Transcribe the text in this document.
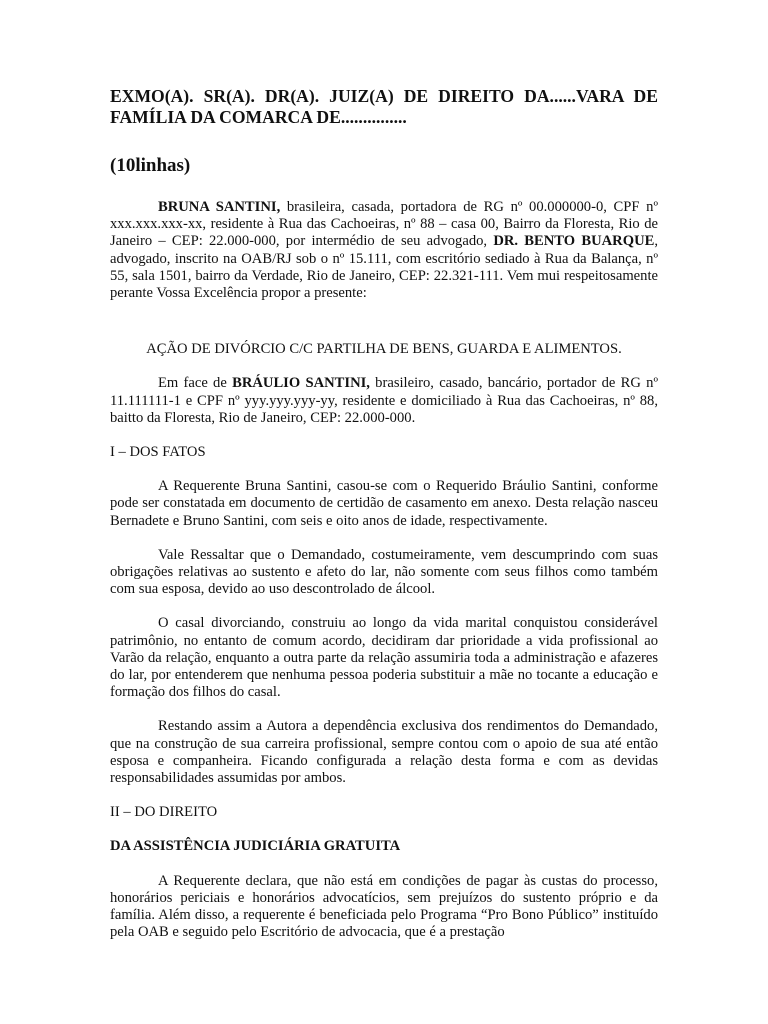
EXMO(A). SR(A). DR(A). JUIZ(A) DE DIREITO DA......VARA DE FAMÍLIA DA COMARCA DE...............

(10linhas)

BRUNA SANTINI, brasileira, casada, portadora de RG nº 00.000000-0, CPF nº xxx.xxx.xxx-xx, residente à Rua das Cachoeiras, nº 88 – casa 00, Bairro da Floresta, Rio de Janeiro – CEP: 22.000-000, por intermédio de seu advogado, DR. BENTO BUARQUE, advogado, inscrito na OAB/RJ sob o nº 15.111, com escritório sediado à Rua da Balança, nº 55, sala 1501, bairro da Verdade, Rio de Janeiro, CEP: 22.321-111. Vem mui respeitosamente perante Vossa Excelência propor a presente:

AÇÃO DE DIVÓRCIO C/C PARTILHA DE BENS, GUARDA E ALIMENTOS.

Em face de BRÁULIO SANTINI, brasileiro, casado, bancário, portador de RG nº 11.111111-1 e CPF nº yyy.yyy.yyy-yy, residente e domiciliado à Rua das Cachoeiras, nº 88, baitto da Floresta, Rio de Janeiro, CEP: 22.000-000.

I – DOS FATOS

A Requerente Bruna Santini, casou-se com o Requerido Bráulio Santini, conforme pode ser constatada em documento de certidão de casamento em anexo. Desta relação nasceu Bernadete e Bruno Santini, com seis e oito anos de idade, respectivamente.

Vale Ressaltar que o Demandado, costumeiramente, vem descumprindo com suas obrigações relativas ao sustento e afeto do lar, não somente com seus filhos como também com sua esposa, devido ao uso descontrolado de álcool.

O casal divorciando, construiu ao longo da vida marital conquistou considerável patrimônio, no entanto de comum acordo, decidiram dar prioridade a vida profissional ao Varão da relação, enquanto a outra parte da relação assumiria toda a administração e afazeres do lar, por entenderem que nenhuma pessoa poderia substituir a mãe no tocante a educação e formação dos filhos do casal.

Restando assim a Autora a dependência exclusiva dos rendimentos do Demandado, que na construção de sua carreira profissional, sempre contou com o apoio de sua até então esposa e companheira. Ficando configurada a relação desta forma e com as devidas responsabilidades assumidas por ambos.

II – DO DIREITO

DA ASSISTÊNCIA JUDICIÁRIA GRATUITA

A Requerente declara, que não está em condições de pagar às custas do processo, honorários periciais e honorários advocatícios, sem prejuízos do sustento próprio e da família. Além disso, a requerente é beneficiada pelo Programa “Pro Bono Público” instituído pela OAB e seguido pelo Escritório de advocacia, que é a prestação
